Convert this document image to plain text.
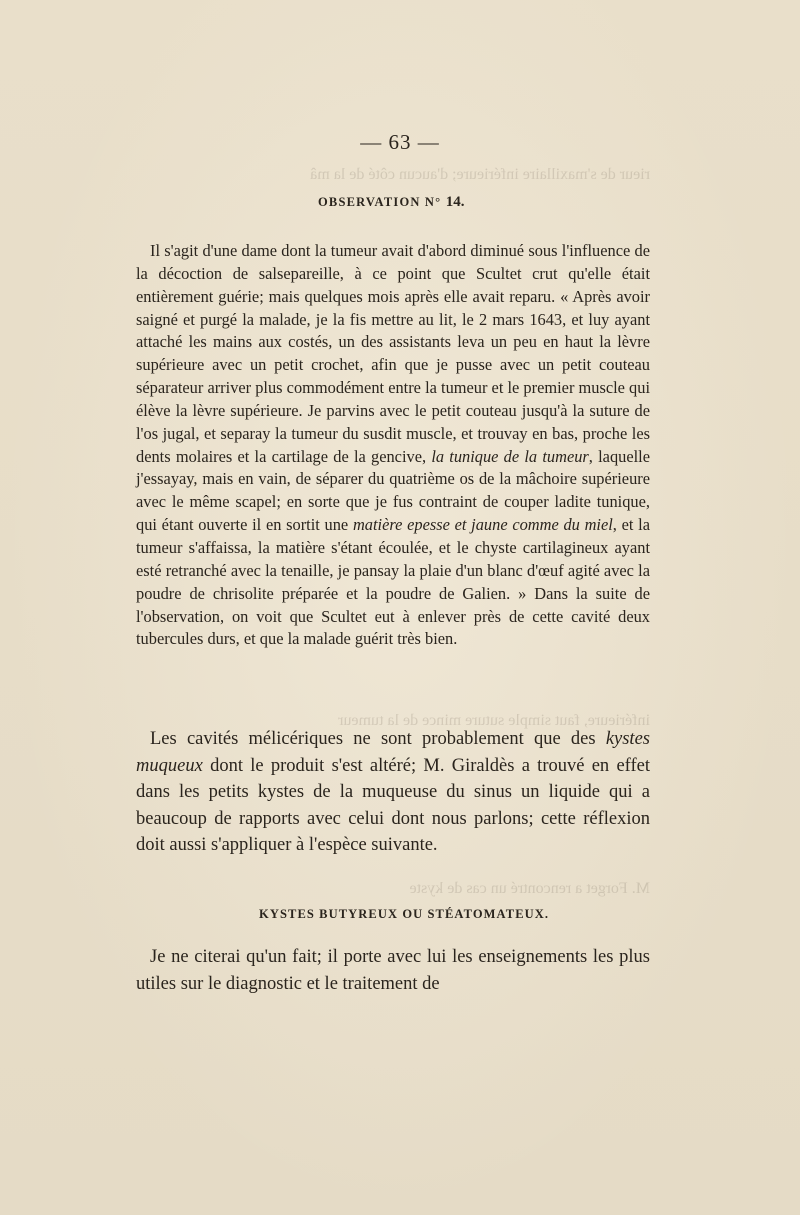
rieur de s'maxillaire inférieure; d'aucun côté de la mâ
inférieure, faut simple suture mince de la tumeur
M. Forget a rencontré un cas de kyste
— 63 —
OBSERVATION N° 14.
Il s'agit d'une dame dont la tumeur avait d'abord diminué sous l'influence de la décoction de salsepareille, à ce point que Scultet crut qu'elle était entièrement guérie; mais quelques mois après elle avait reparu. « Après avoir saigné et purgé la malade, je la fis mettre au lit, le 2 mars 1643, et luy ayant attaché les mains aux costés, un des assistants leva un peu en haut la lèvre supérieure avec un petit crochet, afin que je pusse avec un petit couteau séparateur arriver plus commodément entre la tumeur et le premier muscle qui élève la lèvre supérieure. Je parvins avec le petit couteau jusqu'à la suture de l'os jugal, et separay la tumeur du susdit muscle, et trouvay en bas, proche les dents molaires et la cartilage de la gencive, la tunique de la tumeur, laquelle j'essayay, mais en vain, de séparer du quatrième os de la mâchoire supérieure avec le même scapel; en sorte que je fus contraint de couper ladite tunique, qui étant ouverte il en sortit une matière epesse et jaune comme du miel, et la tumeur s'affaissa, la matière s'étant écoulée, et le chyste cartilagineux ayant esté retranché avec la tenaille, je pansay la plaie d'un blanc d'œuf agité avec la poudre de chrisolite préparée et la poudre de Galien. » Dans la suite de l'observation, on voit que Scultet eut à enlever près de cette cavité deux tubercules durs, et que la malade guérit très bien.
Les cavités mélicériques ne sont probablement que des kystes muqueux dont le produit s'est altéré; M. Giraldès a trouvé en effet dans les petits kystes de la muqueuse du sinus un liquide qui a beaucoup de rapports avec celui dont nous parlons; cette réflexion doit aussi s'appliquer à l'espèce suivante.
KYSTES BUTYREUX OU STÉATOMATEUX.
Je ne citerai qu'un fait; il porte avec lui les enseignements les plus utiles sur le diagnostic et le traitement de
